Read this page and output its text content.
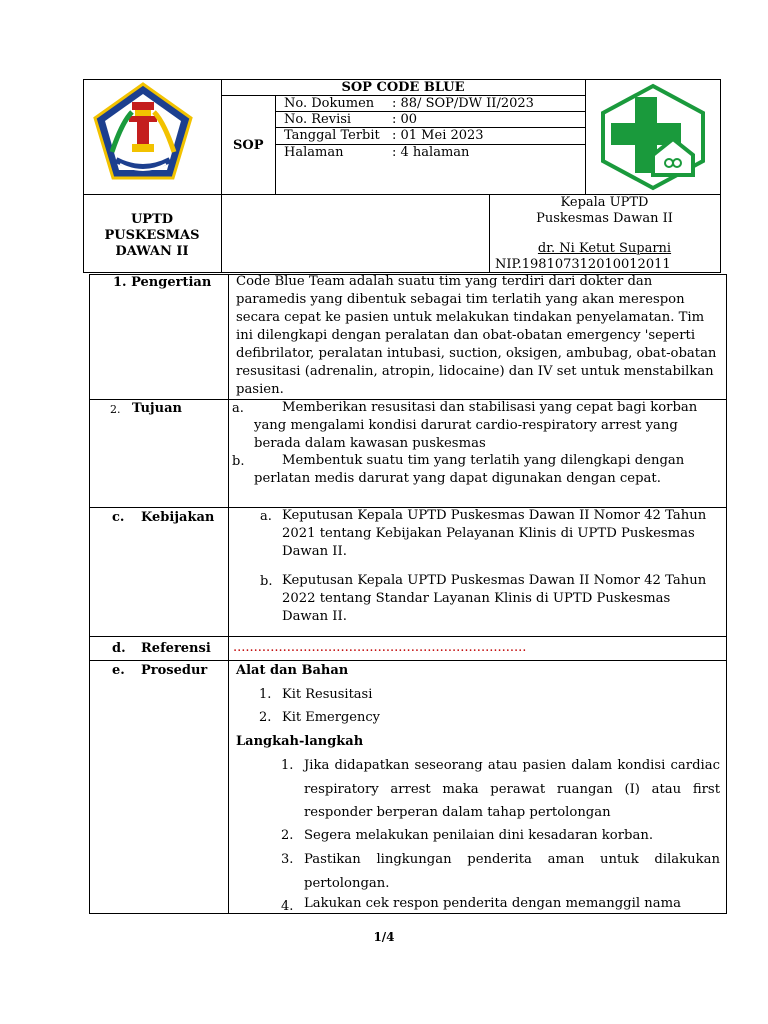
SOP CODE BLUE
SOP
No. Dokumen : 88/ SOP/DW II/2023
No. Revisi	: 00
Tanggal Terbit : 01 Mei 2023
Halaman	: 4 halaman
UPTD
PUSKESMAS
DAWAN II
Kepala UPTD
Puskesmas Dawan II
dr. Ni Ketut Suparni
NIP.198107312010012011
1. Pengertian Code Blue Team adalah suatu tim yang terdiri dari dokter dan paramedis yang dibentuk sebagai tim terlatih yang akan merespon secara cepat ke pasien untuk melakukan tindakan penyelamatan. Tim ini dilengkapi dengan peralatan dan obat-obatan emergency 'seperti defibrilator, peralatan intubasi, suction, oksigen, ambubag, obat-obatan resusitasi (adrenalin, atropin, lidocaine) dan IV set untuk menstabilkan pasien.
2. Tujuan	a.	Memberikan resusitasi dan stabilisasi yang cepat bagi korban yang mengalami kondisi darurat cardio-respiratory arrest yang berada dalam kawasan puskesmas
b.	Membentuk suatu tim yang terlatih yang dilengkapi dengan perlatan medis darurat yang dapat digunakan dengan cepat.
c. Kebijakan	a. Keputusan Kepala UPTD Puskesmas Dawan II Nomor 42 Tahun 2021 tentang Kebijakan Pelayanan Klinis di UPTD Puskesmas Dawan II.
b. Keputusan Kepala UPTD Puskesmas Dawan II Nomor 42 Tahun 2022 tentang Standar Layanan Klinis di UPTD Puskesmas Dawan II.
d. Referensi .......................................................................
e. Prosedur Alat dan Bahan
1. Kit Resusitasi
2. Kit Emergency
Langkah-langkah
1. Jika didapatkan seseorang atau pasien dalam kondisi cardiac respiratory arrest maka perawat ruangan (I) atau first responder berperan dalam tahap pertolongan
2. Segera melakukan penilaian dini kesadaran korban.
3. Pastikan lingkungan penderita aman untuk dilakukan pertolongan.
4. Lakukan cek respon penderita dengan memanggil nama
1/4
